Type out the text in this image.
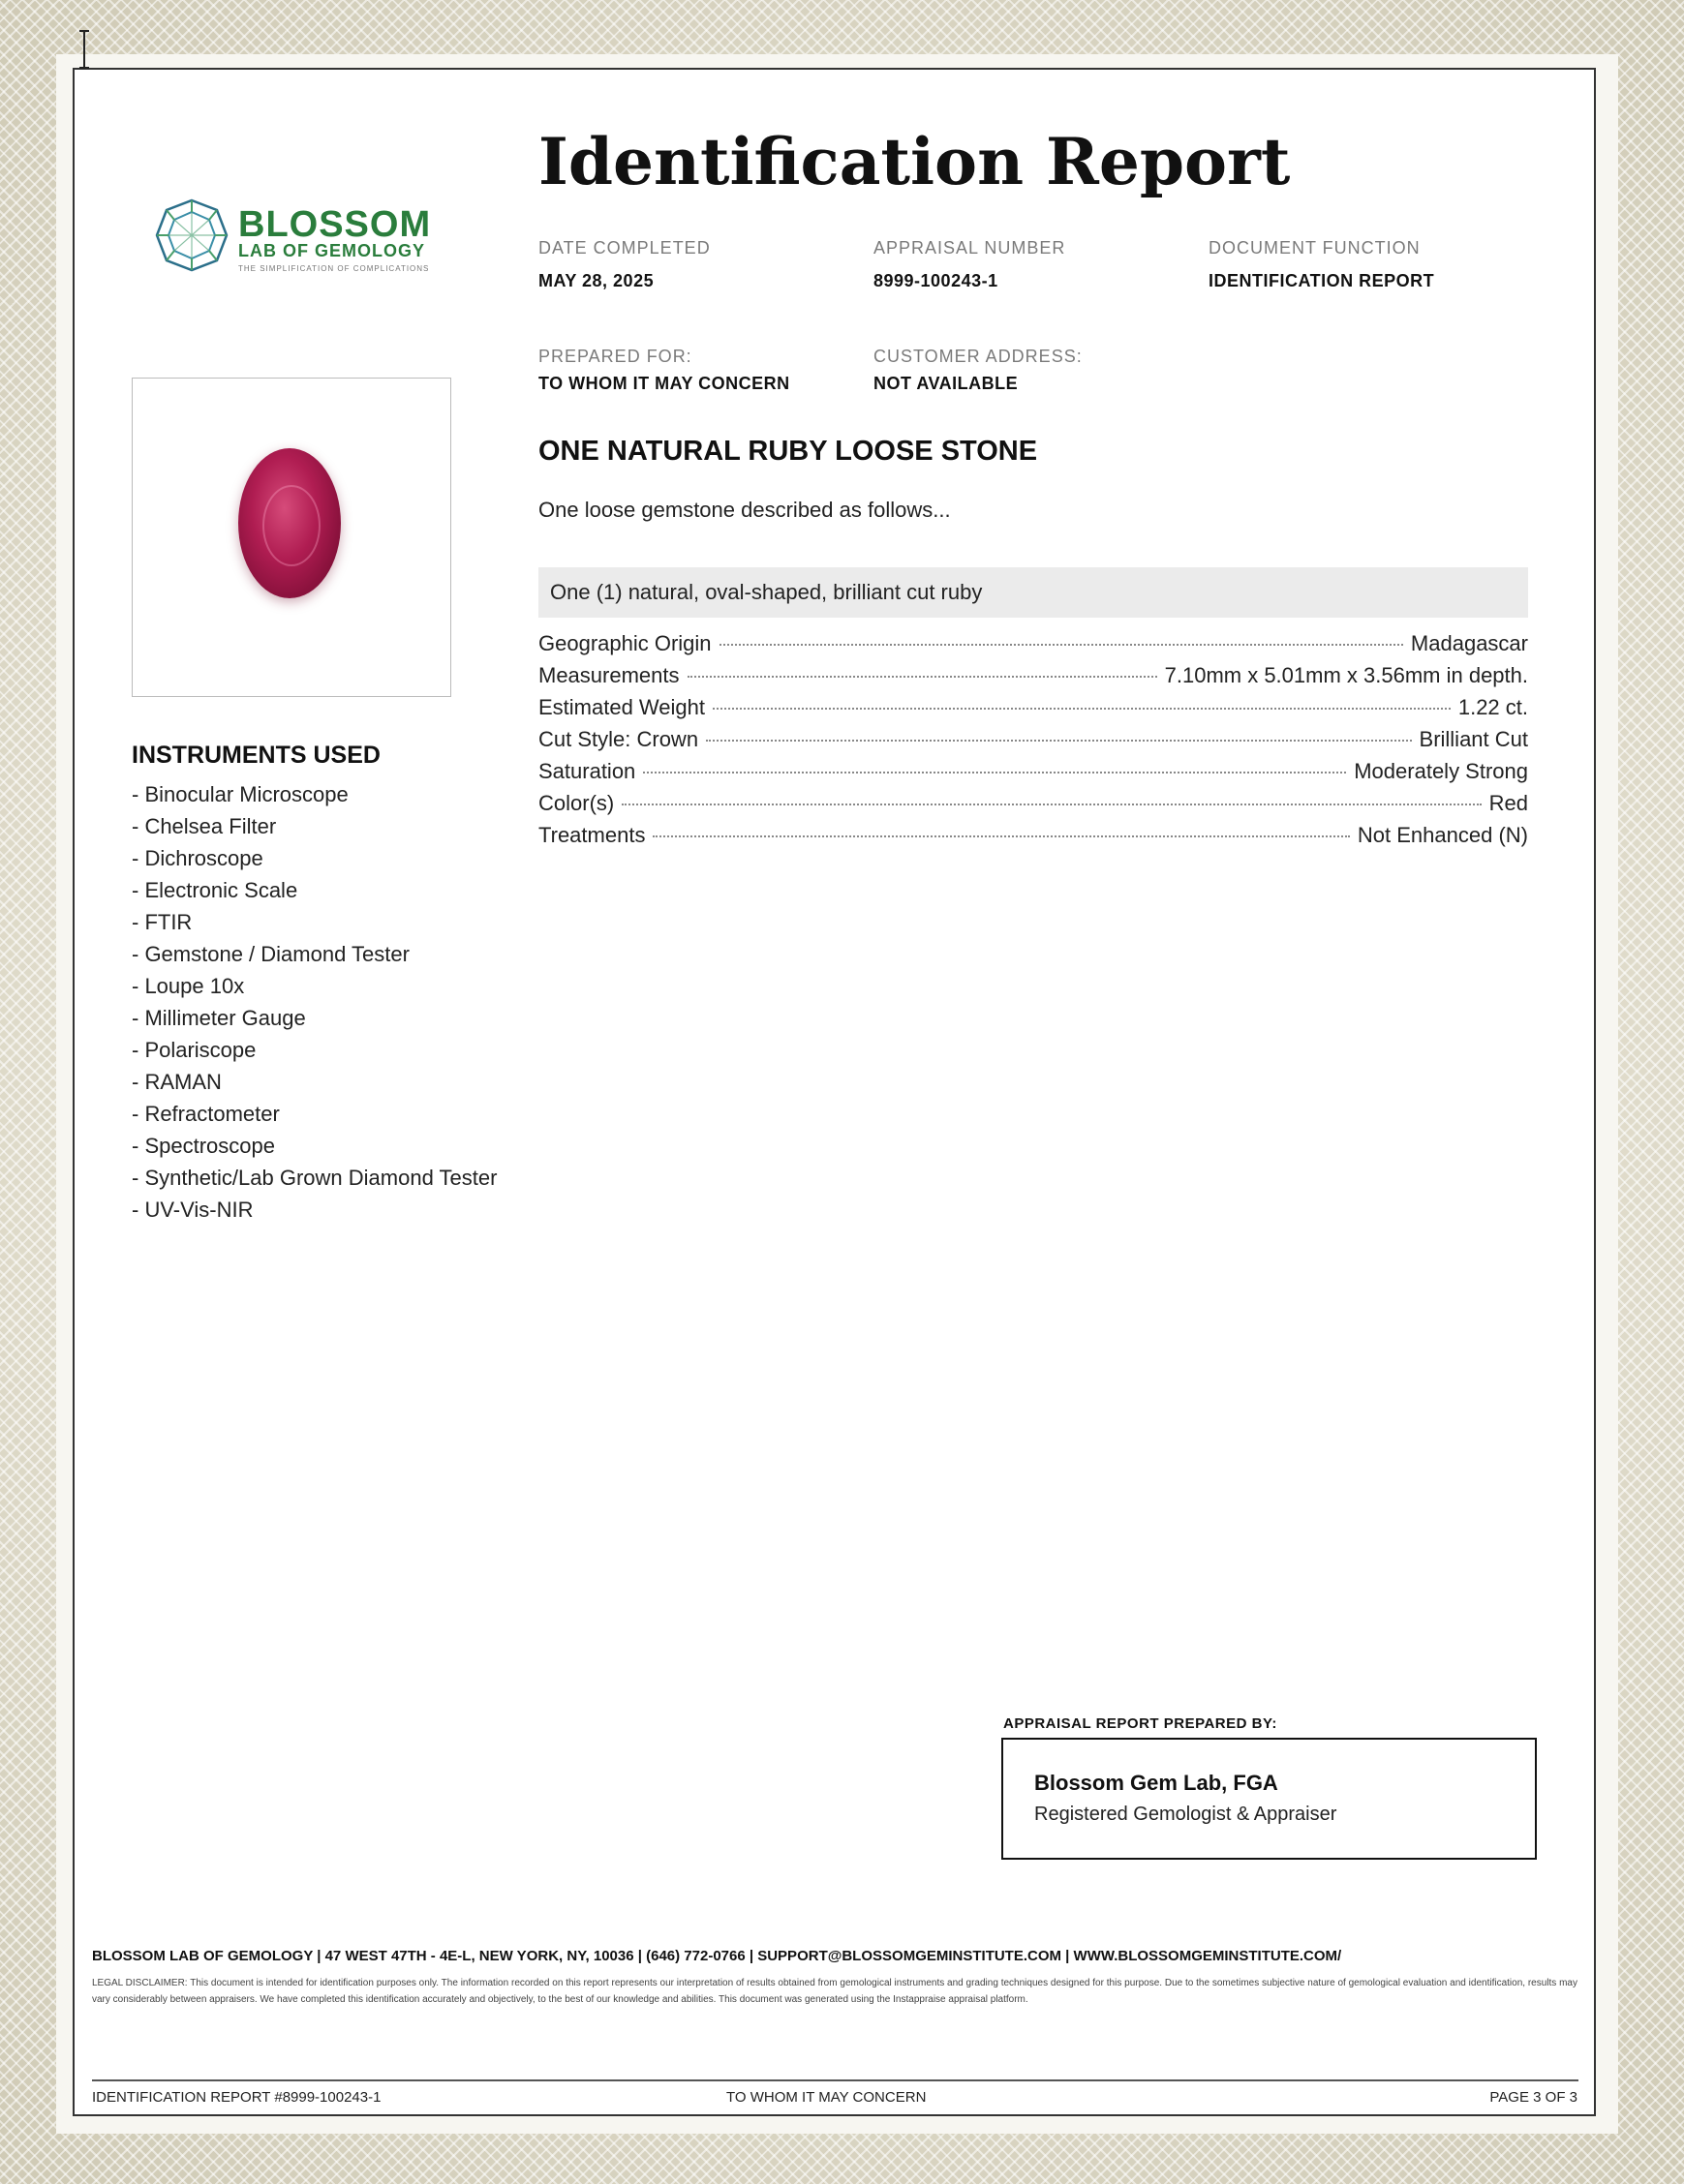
BLOSSOM
LAB OF GEMOLOGY
THE SIMPLIFICATION OF COMPLICATIONS
Identification Report
DATE COMPLETED
MAY 28, 2025
APPRAISAL NUMBER
8999-100243-1
DOCUMENT FUNCTION
IDENTIFICATION REPORT
PREPARED FOR:
TO WHOM IT MAY CONCERN
CUSTOMER ADDRESS:
NOT AVAILABLE
INSTRUMENTS USED
- Binocular Microscope
- Chelsea Filter
- Dichroscope
- Electronic Scale
- FTIR
- Gemstone / Diamond Tester
- Loupe 10x
- Millimeter Gauge
- Polariscope
- RAMAN
- Refractometer
- Spectroscope
- Synthetic/Lab Grown Diamond Tester
- UV-Vis-NIR
ONE NATURAL RUBY LOOSE STONE
One loose gemstone described as follows...
One (1) natural, oval-shaped, brilliant cut ruby
Geographic Origin	Madagascar
Measurements	7.10mm x 5.01mm x 3.56mm in depth.
Estimated Weight	1.22 ct.
Cut Style: Crown	Brilliant Cut
Saturation	Moderately Strong
Color(s)	Red
Treatments	Not Enhanced (N)
APPRAISAL REPORT PREPARED BY:
Blossom Gem Lab, FGA
Registered Gemologist & Appraiser
BLOSSOM LAB OF GEMOLOGY | 47 WEST 47TH - 4E-L, NEW YORK, NY, 10036 | (646) 772-0766 | SUPPORT@BLOSSOMGEMINSTITUTE.COM | WWW.BLOSSOMGEMINSTITUTE.COM/
LEGAL DISCLAIMER: This document is intended for identification purposes only. The information recorded on this report represents our interpretation of results obtained from gemological instruments and grading techniques designed for this purpose. Due to the sometimes subjective nature of gemological evaluation and identification, results may vary considerably between appraisers. We have completed this identification accurately and objectively, to the best of our knowledge and abilities. This document was generated using the Instappraise appraisal platform.
IDENTIFICATION REPORT #8999-100243-1	TO WHOM IT MAY CONCERN	PAGE 3 OF 3
